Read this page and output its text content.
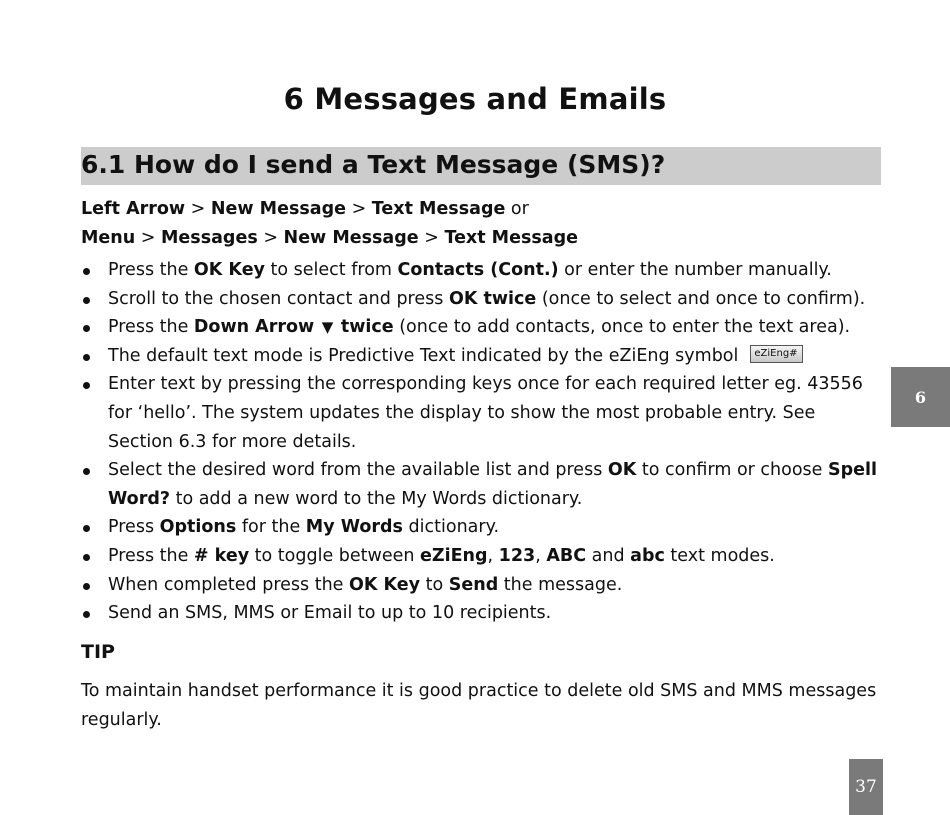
6 Messages and Emails
6.1 How do I send a Text Message (SMS)?
Left Arrow > New Message > Text Message or
Menu > Messages > New Message > Text Message
Press the OK Key to select from Contacts (Cont.) or enter the number manually.
Scroll to the chosen contact and press OK twice (once to select and once to confirm).
Press the Down Arrow ▼ twice (once to add contacts, once to enter the text area).
The default text mode is Predictive Text indicated by the eZiEng symbol eZiEng#
Enter text by pressing the corresponding keys once for each required letter eg. 43556 for ‘hello’. The system updates the display to show the most probable entry. See Section 6.3 for more details.
Select the desired word from the available list and press OK to confirm or choose Spell Word? to add a new word to the My Words dictionary.
Press Options for the My Words dictionary.
Press the # key to toggle between eZiEng, 123, ABC and abc text modes.
When completed press the OK Key to Send the message.
Send an SMS, MMS or Email to up to 10 recipients.
TIP
To maintain handset performance it is good practice to delete old SMS and MMS messages regularly.
6
37
